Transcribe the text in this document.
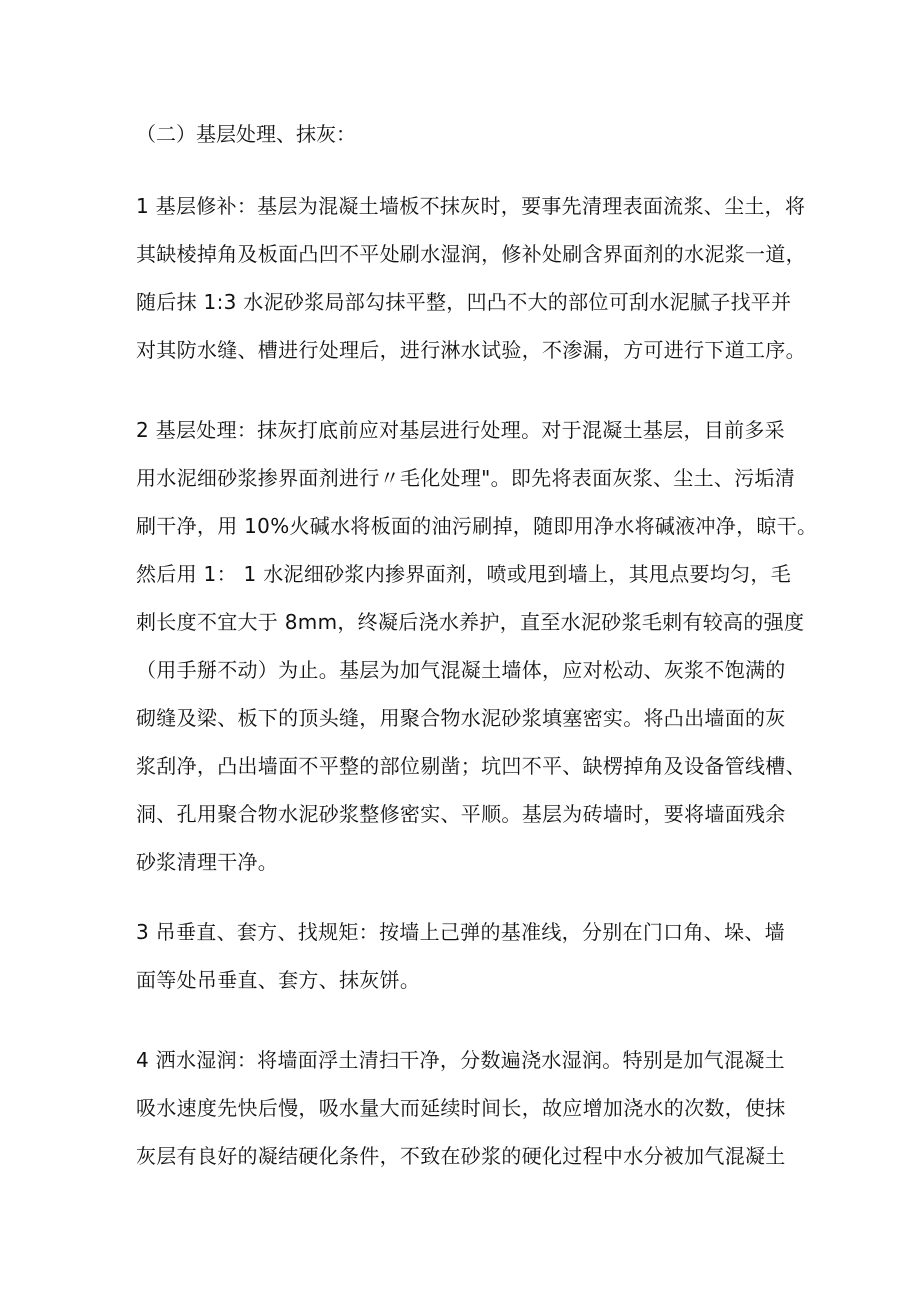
（二）基层处理、抹灰：
1 基层修补：基层为混凝土墙板不抹灰时，要事先清理表面流浆、尘土，将
其缺棱掉角及板面凸凹不平处刷水湿润，修补处刷含界面剂的水泥浆一道，
随后抹 1:3 水泥砂浆局部勾抹平整，凹凸不大的部位可刮水泥腻子找平并
对其防水缝、槽进行处理后，进行淋水试验，不渗漏，方可进行下道工序。
2 基层处理：抹灰打底前应对基层进行处理。对于混凝土基层，目前多采
用水泥细砂浆掺界面剂进行〃毛化处理"。即先将表面灰浆、尘土、污垢清
刷干净，用 10%火碱水将板面的油污刷掉，随即用净水将碱液冲净，晾干。
然后用 1： 1 水泥细砂浆内掺界面剂，喷或甩到墙上，其甩点要均匀，毛
刺长度不宜大于 8mm，终凝后浇水养护，直至水泥砂浆毛刺有较高的强度
（用手掰不动）为止。基层为加气混凝土墙体，应对松动、灰浆不饱满的
砌缝及梁、板下的顶头缝，用聚合物水泥砂浆填塞密实。将凸出墙面的灰
浆刮净，凸出墙面不平整的部位剔凿；坑凹不平、缺楞掉角及设备管线槽、
洞、孔用聚合物水泥砂浆整修密实、平顺。基层为砖墙时，要将墙面残余
砂浆清理干净。
3 吊垂直、套方、找规矩：按墙上己弹的基准线，分别在门口角、垛、墙
面等处吊垂直、套方、抹灰饼。
4 洒水湿润：将墙面浮土清扫干净，分数遍浇水湿润。特别是加气混凝土
吸水速度先快后慢，吸水量大而延续时间长，故应增加浇水的次数，使抹
灰层有良好的凝结硬化条件，不致在砂浆的硬化过程中水分被加气混凝土
